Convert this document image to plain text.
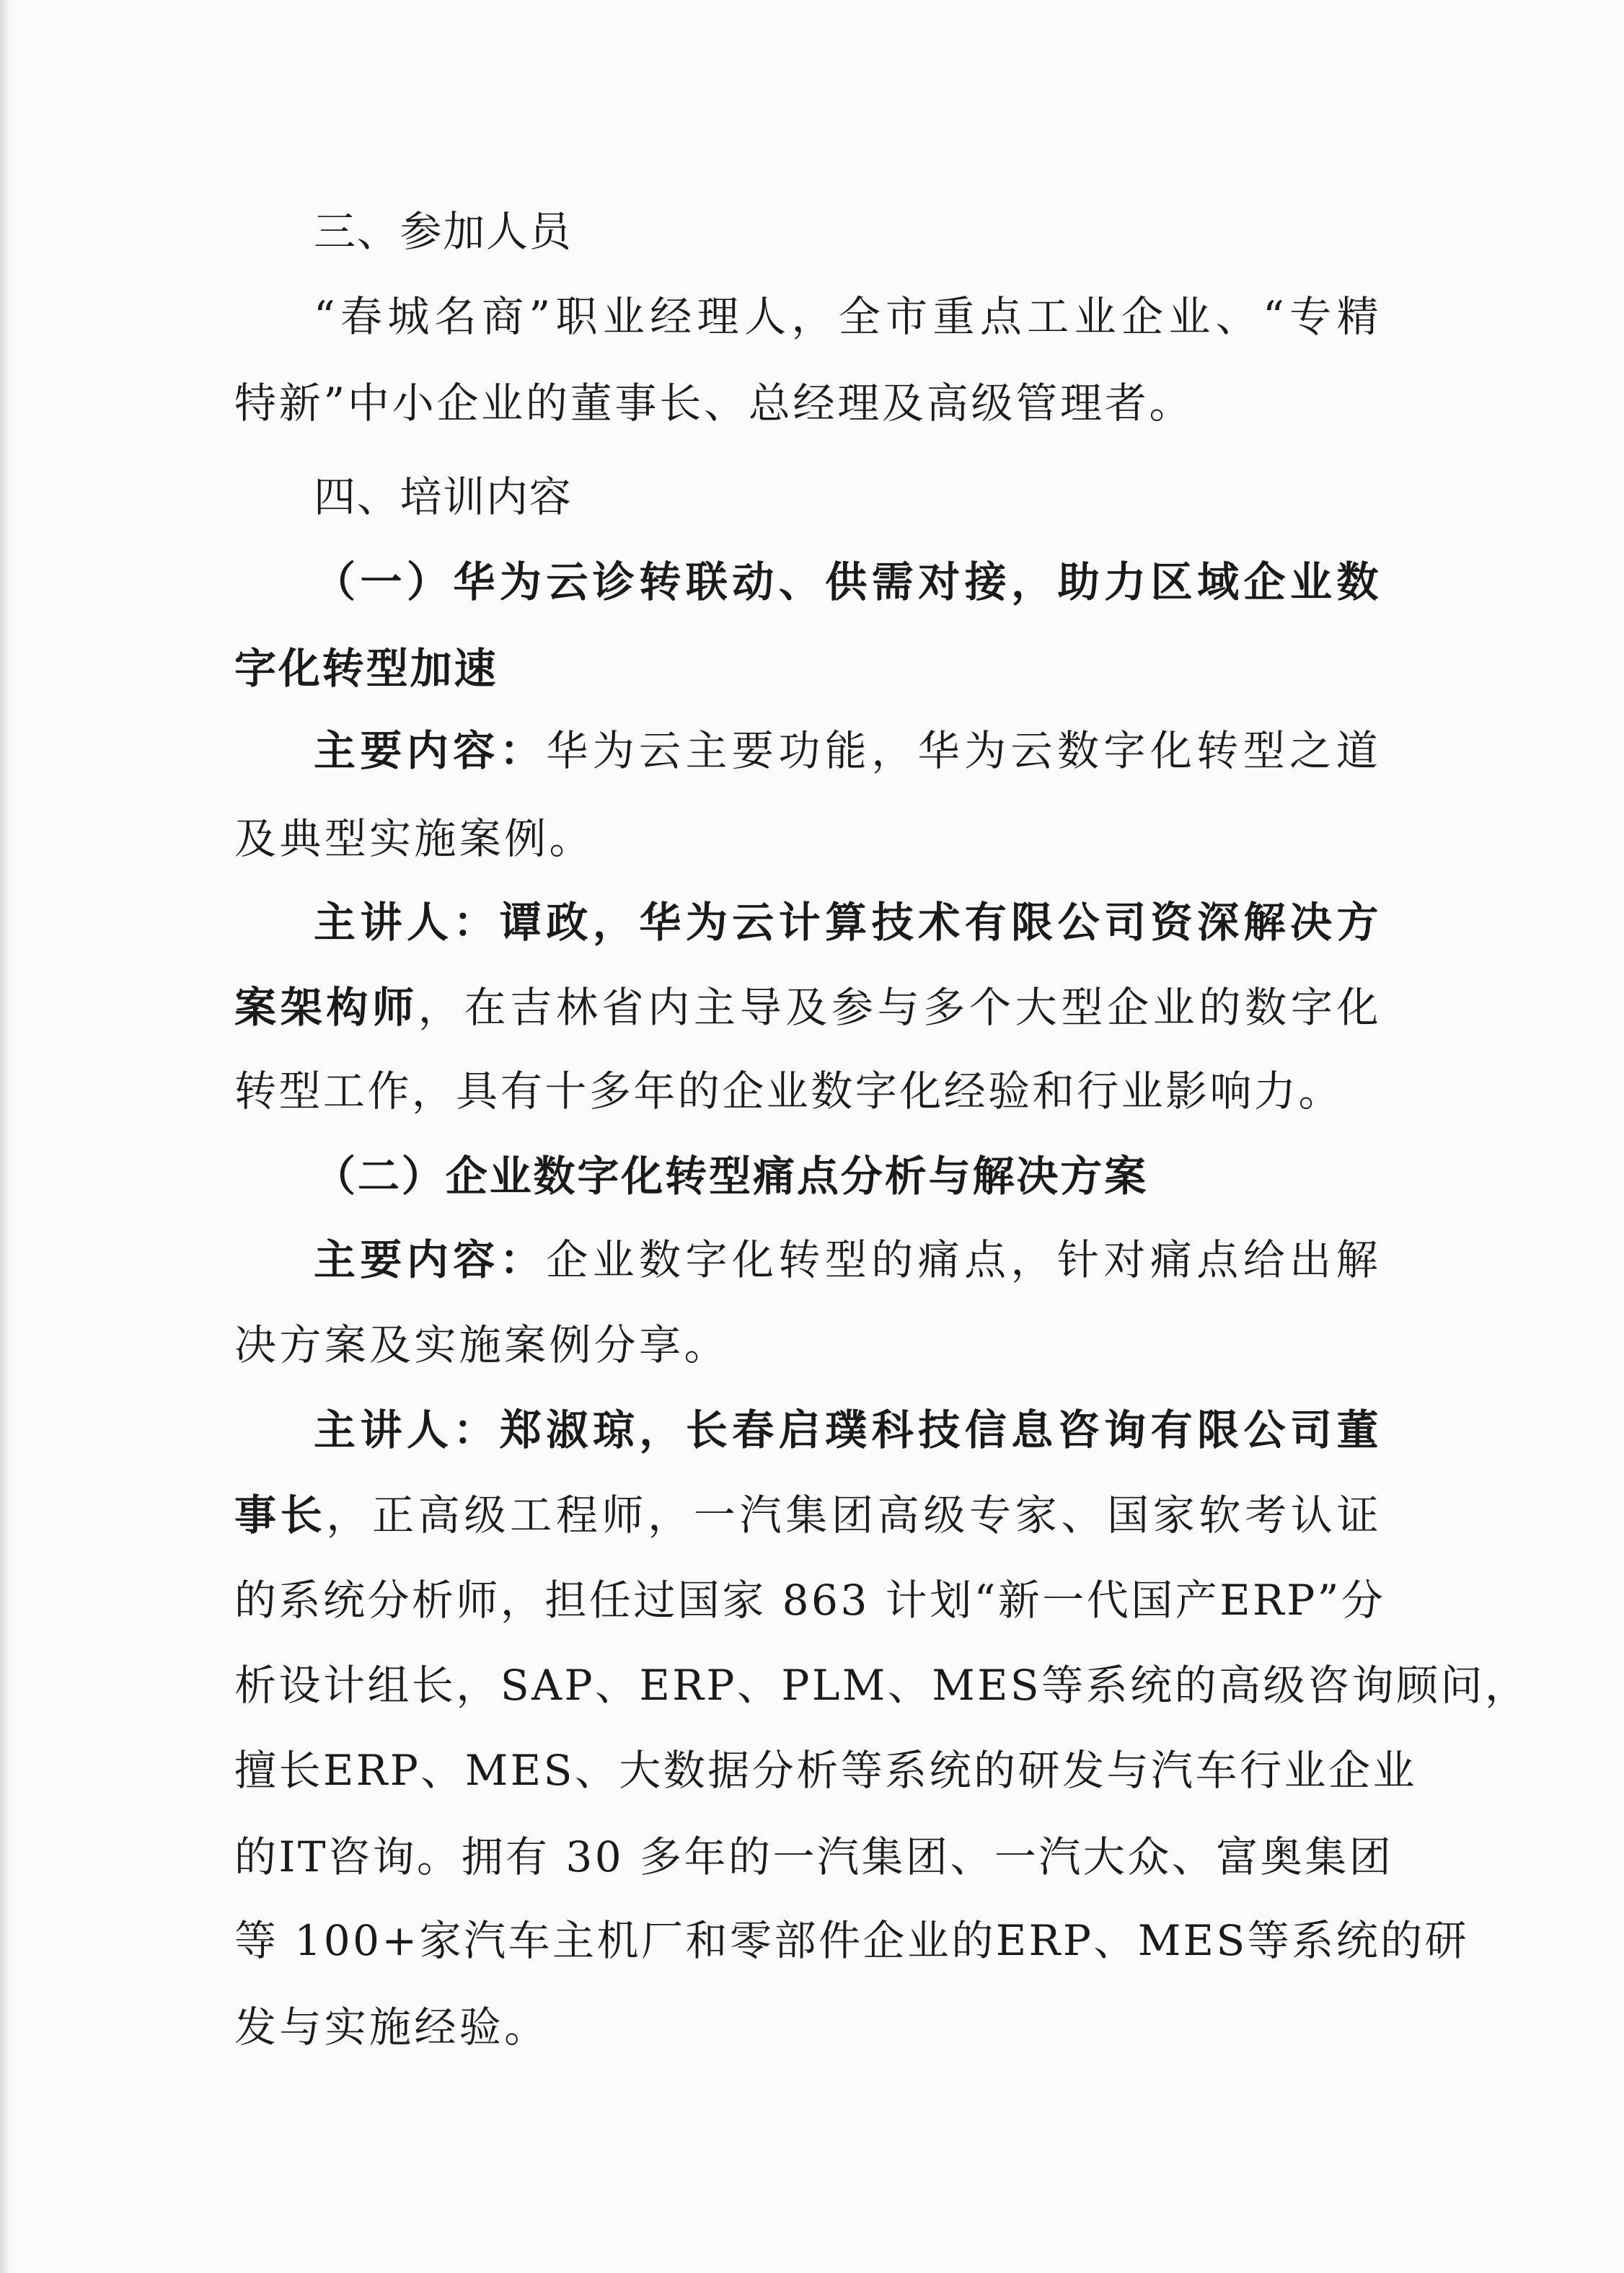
三、参加人员
“春城名商”职业经理人，全市重点工业企业、“专精
特新”中小企业的董事长、总经理及高级管理者。
四、培训内容
（一）华为云诊转联动、供需对接，助力区域企业数
字化转型加速
主要内容：华为云主要功能，华为云数字化转型之道
及典型实施案例。
主讲人：谭政，华为云计算技术有限公司资深解决方
案架构师，在吉林省内主导及参与多个大型企业的数字化
转型工作，具有十多年的企业数字化经验和行业影响力。
（二）企业数字化转型痛点分析与解决方案
主要内容：企业数字化转型的痛点，针对痛点给出解
决方案及实施案例分享。
主讲人：郑淑琼，长春启璞科技信息咨询有限公司董
事长，正高级工程师，一汽集团高级专家、国家软考认证
的系统分析师，担任过国家 863 计划“新一代国产ERP”分
析设计组长，SAP、ERP、PLM、MES等系统的高级咨询顾问，
擅长ERP、MES、大数据分析等系统的研发与汽车行业企业
的IT咨询。拥有 30 多年的一汽集团、一汽大众、富奥集团
等 100+家汽车主机厂和零部件企业的ERP、MES等系统的研
发与实施经验。
